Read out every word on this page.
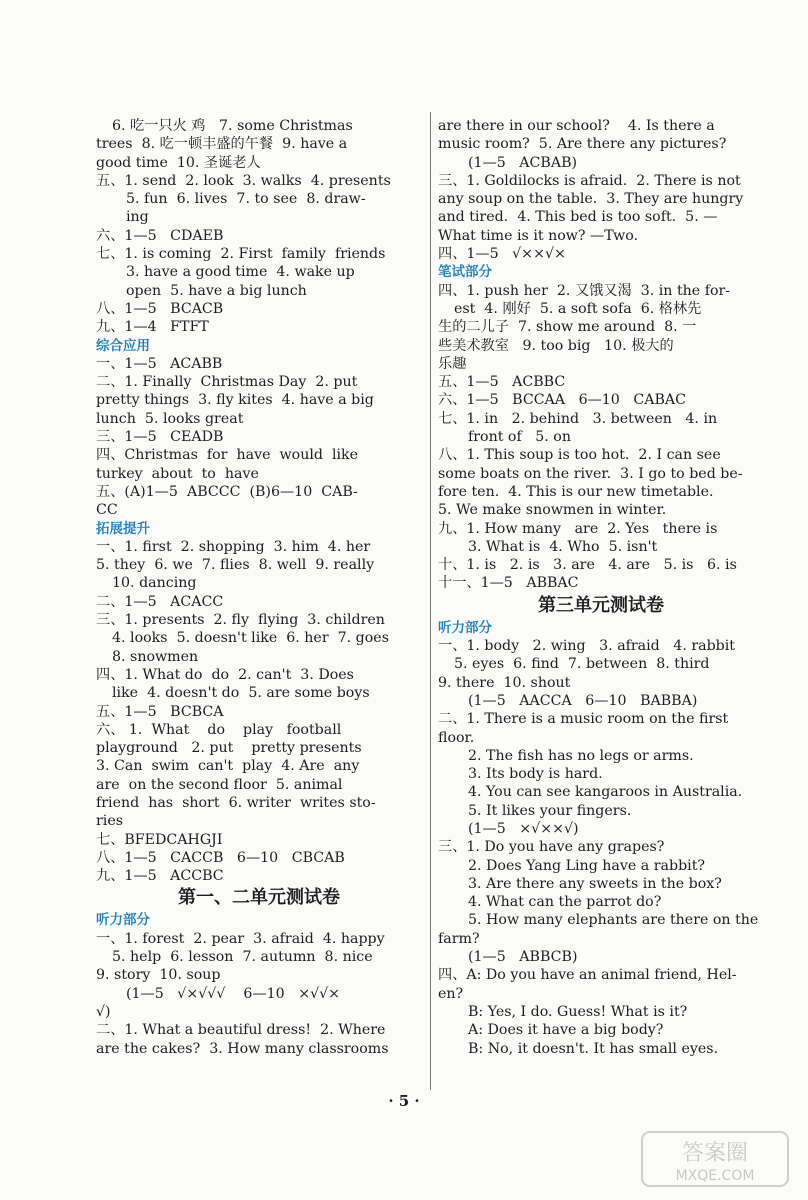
6. 吃一只火 鸡   7. some Christmas
trees  8. 吃一顿丰盛的午餐  9. have a
good time  10. 圣诞老人
五、1. send  2. look  3. walks  4. presents
5. fun  6. lives  7. to see  8. draw-
ing
六、1—5   CDAEB
七、1. is coming  2. First  family  friends
3. have a good time  4. wake up
open  5. have a big lunch
八、1—5   BCACB
九、1—4   FTFT
综合应用
一、1—5   ACABB
二、1. Finally  Christmas Day  2. put
pretty things  3. fly kites  4. have a big
lunch  5. looks great
三、1—5   CEADB
四、Christmas  for  have  would  like
turkey  about  to  have
五、(A)1—5  ABCCC  (B)6—10  CAB-
CC
拓展提升
一、1. first  2. shopping  3. him  4. her
5. they  6. we  7. flies  8. well  9. really
10. dancing
二、1—5   ACACC
三、1. presents  2. fly  flying  3. children
4. looks  5. doesn't like  6. her  7. goes
8. snowmen
四、1. What do  do  2. can't  3. Does
like  4. doesn't do  5. are some boys
五、1—5   BCBCA
六、 1.  What    do    play   football
playground   2. put    pretty presents
3. Can  swim  can't  play  4. Are  any
are  on the second floor  5. animal
friend  has  short  6. writer  writes sto-
ries
七、BFEDCAHGJI
八、1—5   CACCB   6—10   CBCAB
九、1—5   ACCBC
第一、二单元测试卷
听力部分
一、1. forest  2. pear  3. afraid  4. happy
5. help  6. lesson  7. autumn  8. nice
9. story  10. soup
(1—5   √×√√√    6—10   ×√√×
√)
二、1. What a beautiful dress!  2. Where
are the cakes?  3. How many classrooms
are there in our school?    4. Is there a
music room?  5. Are there any pictures?
(1—5   ACBAB)
三、1. Goldilocks is afraid.  2. There is not
any soup on the table.  3. They are hungry
and tired.  4. This bed is too soft.  5. —
What time is it now? —Two.
四、1—5   √××√×
笔试部分
四、1. push her  2. 又饿又渴  3. in the for-
est  4. 刚好  5. a soft sofa  6. 格林先
生的二儿子  7. show me around  8. 一
些美术教室   9. too big   10. 极大的
乐趣
五、1—5   ACBBC
六、1—5   BCCAA   6—10   CABAC
七、1. in   2. behind   3. between   4. in
front of   5. on
八、1. This soup is too hot.  2. I can see
some boats on the river.  3. I go to bed be-
fore ten.  4. This is our new timetable.
5. We make snowmen in winter.
九、1. How many   are  2. Yes   there is
3. What is  4. Who  5. isn't
十、1. is   2. is   3. are   4. are   5. is   6. is
十一、1—5   ABBAC
第三单元测试卷
听力部分
一、1. body   2. wing   3. afraid   4. rabbit
5. eyes  6. find  7. between  8. third
9. there  10. shout
(1—5   AACCA   6—10   BABBA)
二、1. There is a music room on the first
floor.
2. The fish has no legs or arms.
3. Its body is hard.
4. You can see kangaroos in Australia.
5. It likes your fingers.
(1—5   ×√××√)
三、1. Do you have any grapes?
2. Does Yang Ling have a rabbit?
3. Are there any sweets in the box?
4. What can the parrot do?
5. How many elephants are there on the
farm?
(1—5   ABBCB)
四、A: Do you have an animal friend, Hel-
en?
B: Yes, I do. Guess! What is it?
A: Does it have a big body?
B: No, it doesn't. It has small eyes.
· 5 ·
答案圈
MXQE.COM
